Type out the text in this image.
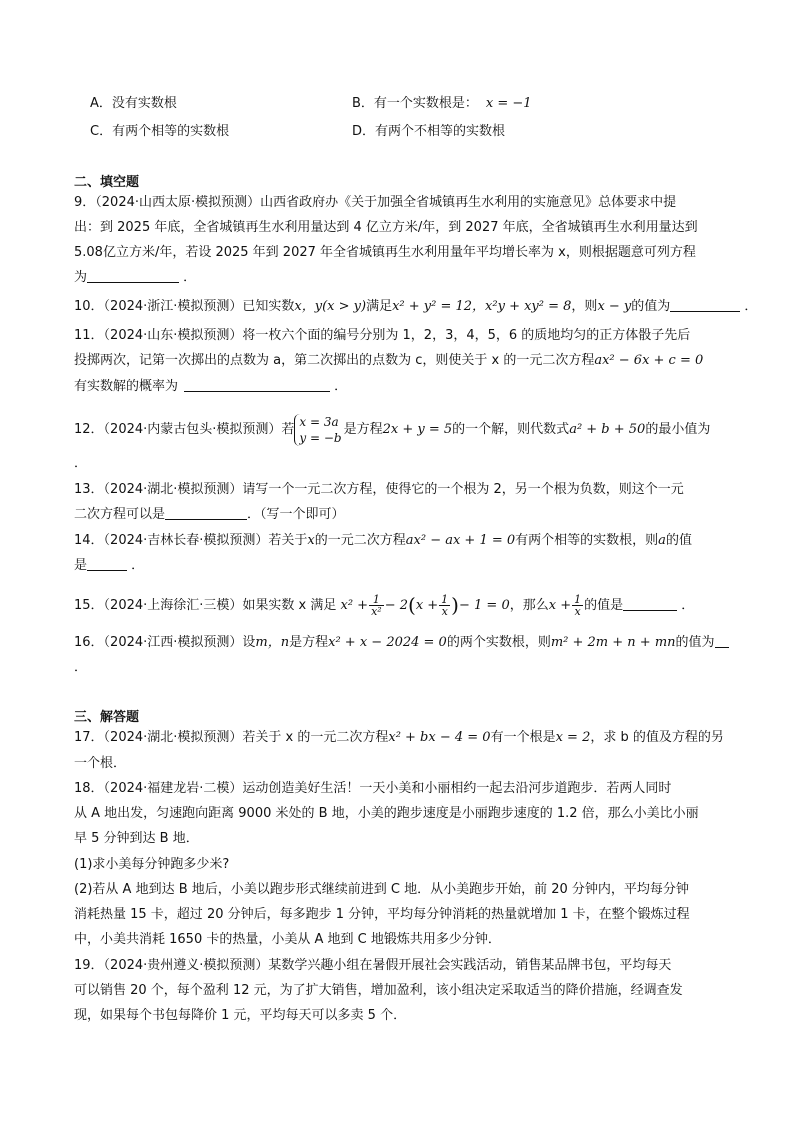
A．没有实数根	B．有一个实数根是： x = −1
C．有两个相等的实数根	D．有两个不相等的实数根
二、填空题
9．（2024·山西太原·模拟预测）山西省政府办《关于加强全省城镇再生水利用的实施意见》总体要求中提
出：到 2025 年底，全省城镇再生水利用量达到 4 亿立方米/年，到 2027 年底，全省城镇再生水利用量达到
5.08亿立方米/年，若设 2025 年到 2027 年全省城镇再生水利用量年平均增长率为 x，则根据题意可列方程
为	．
10．（2024·浙江·模拟预测）已知实数x，y(x > y)满足x² + y² = 12，x²y + xy² = 8，则x − y的值为	．
11．（2024·山东·模拟预测）将一枚六个面的编号分别为 1，2，3，4，5，6 的质地均匀的正方体骰子先后
投掷两次，记第一次掷出的点数为 a，第二次掷出的点数为 c，则使关于 x 的一元二次方程ax² − 6x + c = 0
有实数解的概率为	．
12．（2024·内蒙古包头·模拟预测）若
x = 3a
y = −b
是方程2x + y = 5的一个解，则代数式a² + b + 50的最小值为
．
13．（2024·湖北·模拟预测）请写一个一元二次方程，使得它的一个根为 2，另一个根为负数，则这个一元
二次方程可以是	．（写一个即可）
14．（2024·吉林长春·模拟预测）若关于x的一元二次方程ax² − ax + 1 = 0有两个相等的实数根，则a的值
是	．
15．（2024·上海徐汇·三模）如果实数 x 满足 $x^2 + \frac{1}{\text{x²}} - 2(x + \frac{1}{x}$ )− 1 = 0，那么$x + \frac{1}{x}$ 的值是	．
16．（2024·江西·模拟预测）设m，n是方程x² + x − 2024 = 0的两个实数根，则m² + 2m + n + mn的值为
．
三、解答题
17．（2024·湖北·模拟预测）若关于 x 的一元二次方程x² + bx − 4 = 0有一个根是x = 2，求 b 的值及方程的另
一个根．
18．（2024·福建龙岩·二模）运动创造美好生活！一天小美和小丽相约一起去沿河步道跑步．若两人同时
从 A 地出发，匀速跑向距离 9000 米处的 B 地，小美的跑步速度是小丽跑步速度的 1.2 倍，那么小美比小丽
早 5 分钟到达 B 地．
(1)求小美每分钟跑多少米?
(2)若从 A 地到达 B 地后，小美以跑步形式继续前进到 C 地．从小美跑步开始，前 20 分钟内，平均每分钟
消耗热量 15 卡，超过 20 分钟后，每多跑步 1 分钟，平均每分钟消耗的热量就增加 1 卡，在整个锻炼过程
中，小美共消耗 1650 卡的热量，小美从 A 地到 C 地锻炼共用多少分钟．
19．（2024·贵州遵义·模拟预测）某数学兴趣小组在暑假开展社会实践活动，销售某品牌书包，平均每天
可以销售 20 个，每个盈利 12 元，为了扩大销售，增加盈利，该小组决定采取适当的降价措施，经调查发
现，如果每个书包每降价 1 元，平均每天可以多卖 5 个．
